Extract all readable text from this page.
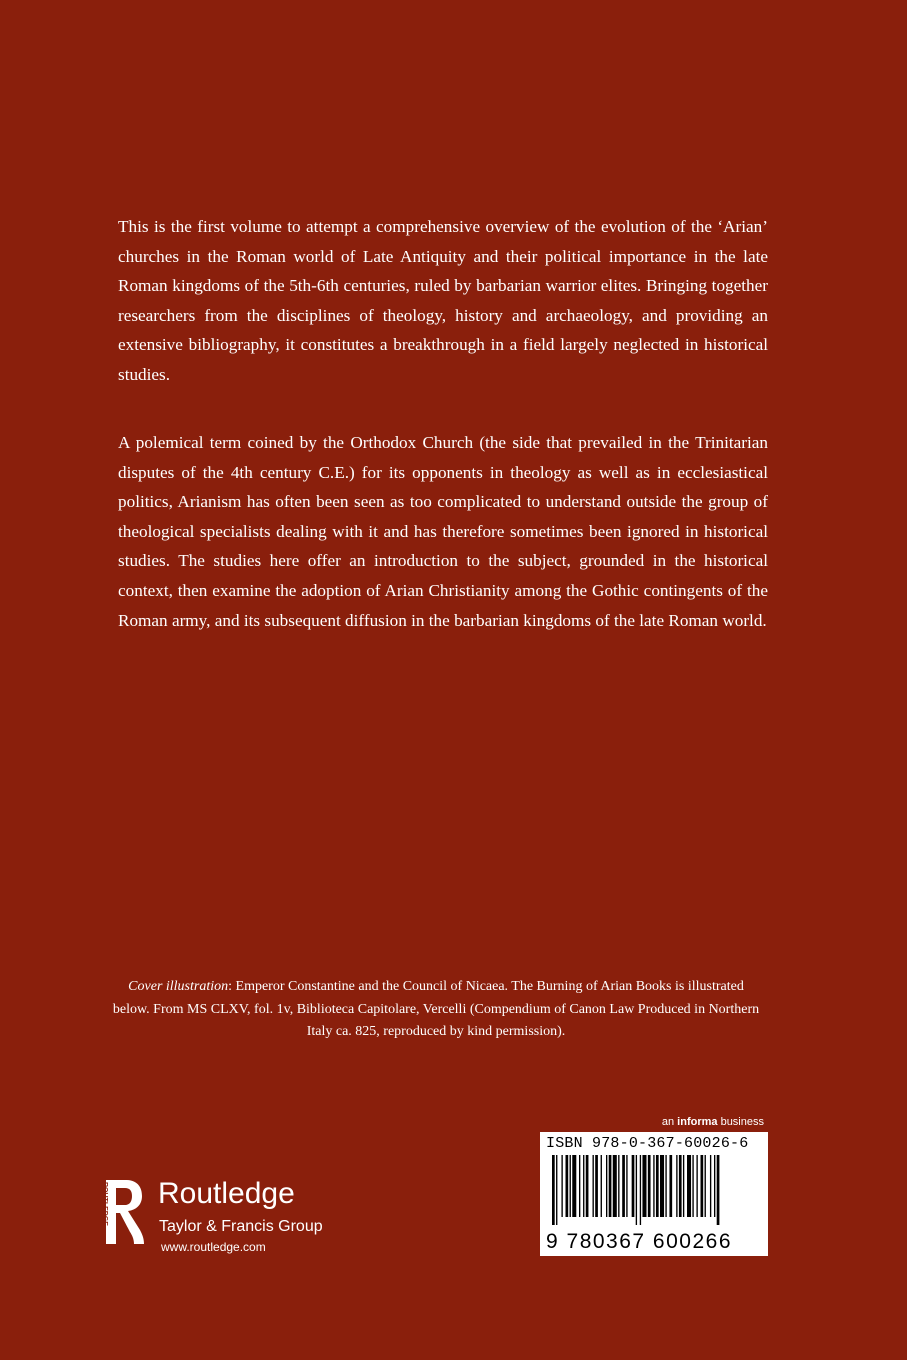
This is the first volume to attempt a comprehensive overview of the evolution of the ‘Arian’ churches in the Roman world of Late Antiquity and their political importance in the late Roman kingdoms of the 5th-6th centuries, ruled by barbarian warrior elites. Bringing together researchers from the disciplines of theology, history and archaeology, and providing an extensive bibliography, it constitutes a breakthrough in a field largely neglected in historical studies.

A polemical term coined by the Orthodox Church (the side that prevailed in the Trinitarian disputes of the 4th century C.E.) for its opponents in theology as well as in ecclesiastical politics, Arianism has often been seen as too complicated to understand outside the group of theological specialists dealing with it and has therefore sometimes been ignored in historical studies. The studies here offer an introduction to the subject, grounded in the historical context, then examine the adoption of Arian Christianity among the Gothic contingents of the Roman army, and its subsequent diffusion in the barbarian kingdoms of the late Roman world.

Cover illustration: Emperor Constantine and the Council of Nicaea. The Burning of Arian Books is illustrated below. From MS CLXV, fol. 1v, Biblioteca Capitolare, Vercelli (Compendium of Canon Law Produced in Northern Italy ca. 825, reproduced by kind permission).

an informa business
ISBN 978-0-367-60026-6
9 780367 600266
ROUTLEDGE Routledge
Taylor & Francis Group
www.routledge.com
